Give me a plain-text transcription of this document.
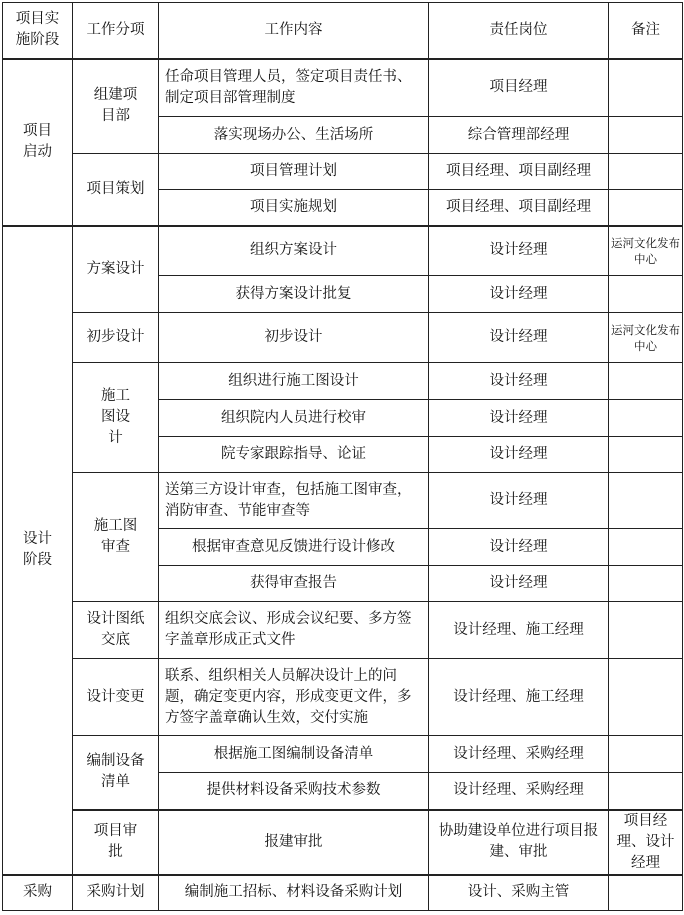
项目实施阶段	工作分项	工作内容	责任岗位	备注	
项目启动	组建项目部	任命项目管理人员，签定项目责任书、制定项目部管理制度	项目经理		
		落实现场办公、生活场所	综合管理部经理		
	项目策划	项目管理计划	项目经理、项目副经理		
		项目实施规划	项目经理、项目副经理		
设计阶段	方案设计	组织方案设计	设计经理	运河文化发布中心	
		获得方案设计批复	设计经理		
	初步设计	初步设计	设计经理	运河文化发布中心	
	施工图设计	组织进行施工图设计	设计经理		
		组织院内人员进行校审	设计经理		
		院专家跟踪指导、论证	设计经理		
	施工图审查	送第三方设计审查，包括施工图审查，消防审查、节能审查等	设计经理		
		根据审查意见反馈进行设计修改	设计经理		
		获得审查报告	设计经理		
	设计图纸交底	组织交底会议、形成会议纪要、多方签字盖章形成正式文件	设计经理、施工经理		
	设计变更	联系、组织相关人员解决设计上的问题，确定变更内容，形成变更文件，多方签字盖章确认生效，交付实施	设计经理、施工经理		
	编制设备清单	根据施工图编制设备清单	设计经理、采购经理		
		提供材料设备采购技术参数	设计经理、采购经理		
	项目审批	报建审批	协助建设单位进行项目报建、审批	项目经理、设计经理	
采购	采购计划	编制施工招标、材料设备采购计划	设计、采购主管		
